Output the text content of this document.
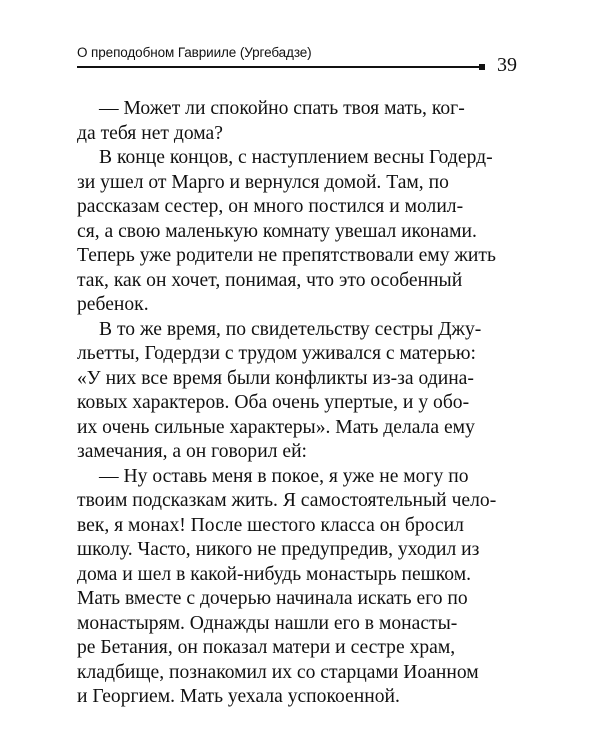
О преподобном Гаврииле (Ургебадзе)
39
— Может ли спокойно спать твоя мать, ког-
да тебя нет дома?
В конце концов, с наступлением весны Годерд-
зи ушел от Марго и вернулся домой. Там, по
рассказам сестер, он много постился и молил-
ся, а свою маленькую комнату увешал иконами.
Теперь уже родители не препятствовали ему жить
так, как он хочет, понимая, что это особенный
ребенок.
В то же время, по свидетельству сестры Джу-
льетты, Годердзи с трудом уживался с матерью:
«У них все время были конфликты из-за одина-
ковых характеров. Оба очень упертые, и у обо-
их очень сильные характеры». Мать делала ему
замечания, а он говорил ей:
— Ну оставь меня в покое, я уже не могу по
твоим подсказкам жить. Я самостоятельный чело-
век, я монах! После шестого класса он бросил
школу. Часто, никого не предупредив, уходил из
дома и шел в какой-нибудь монастырь пешком.
Мать вместе с дочерью начинала искать его по
монастырям. Однажды нашли его в монасты-
ре Бетания, он показал матери и сестре храм,
кладбище, познакомил их со старцами Иоанном
и Георгием. Мать уехала успокоенной.
